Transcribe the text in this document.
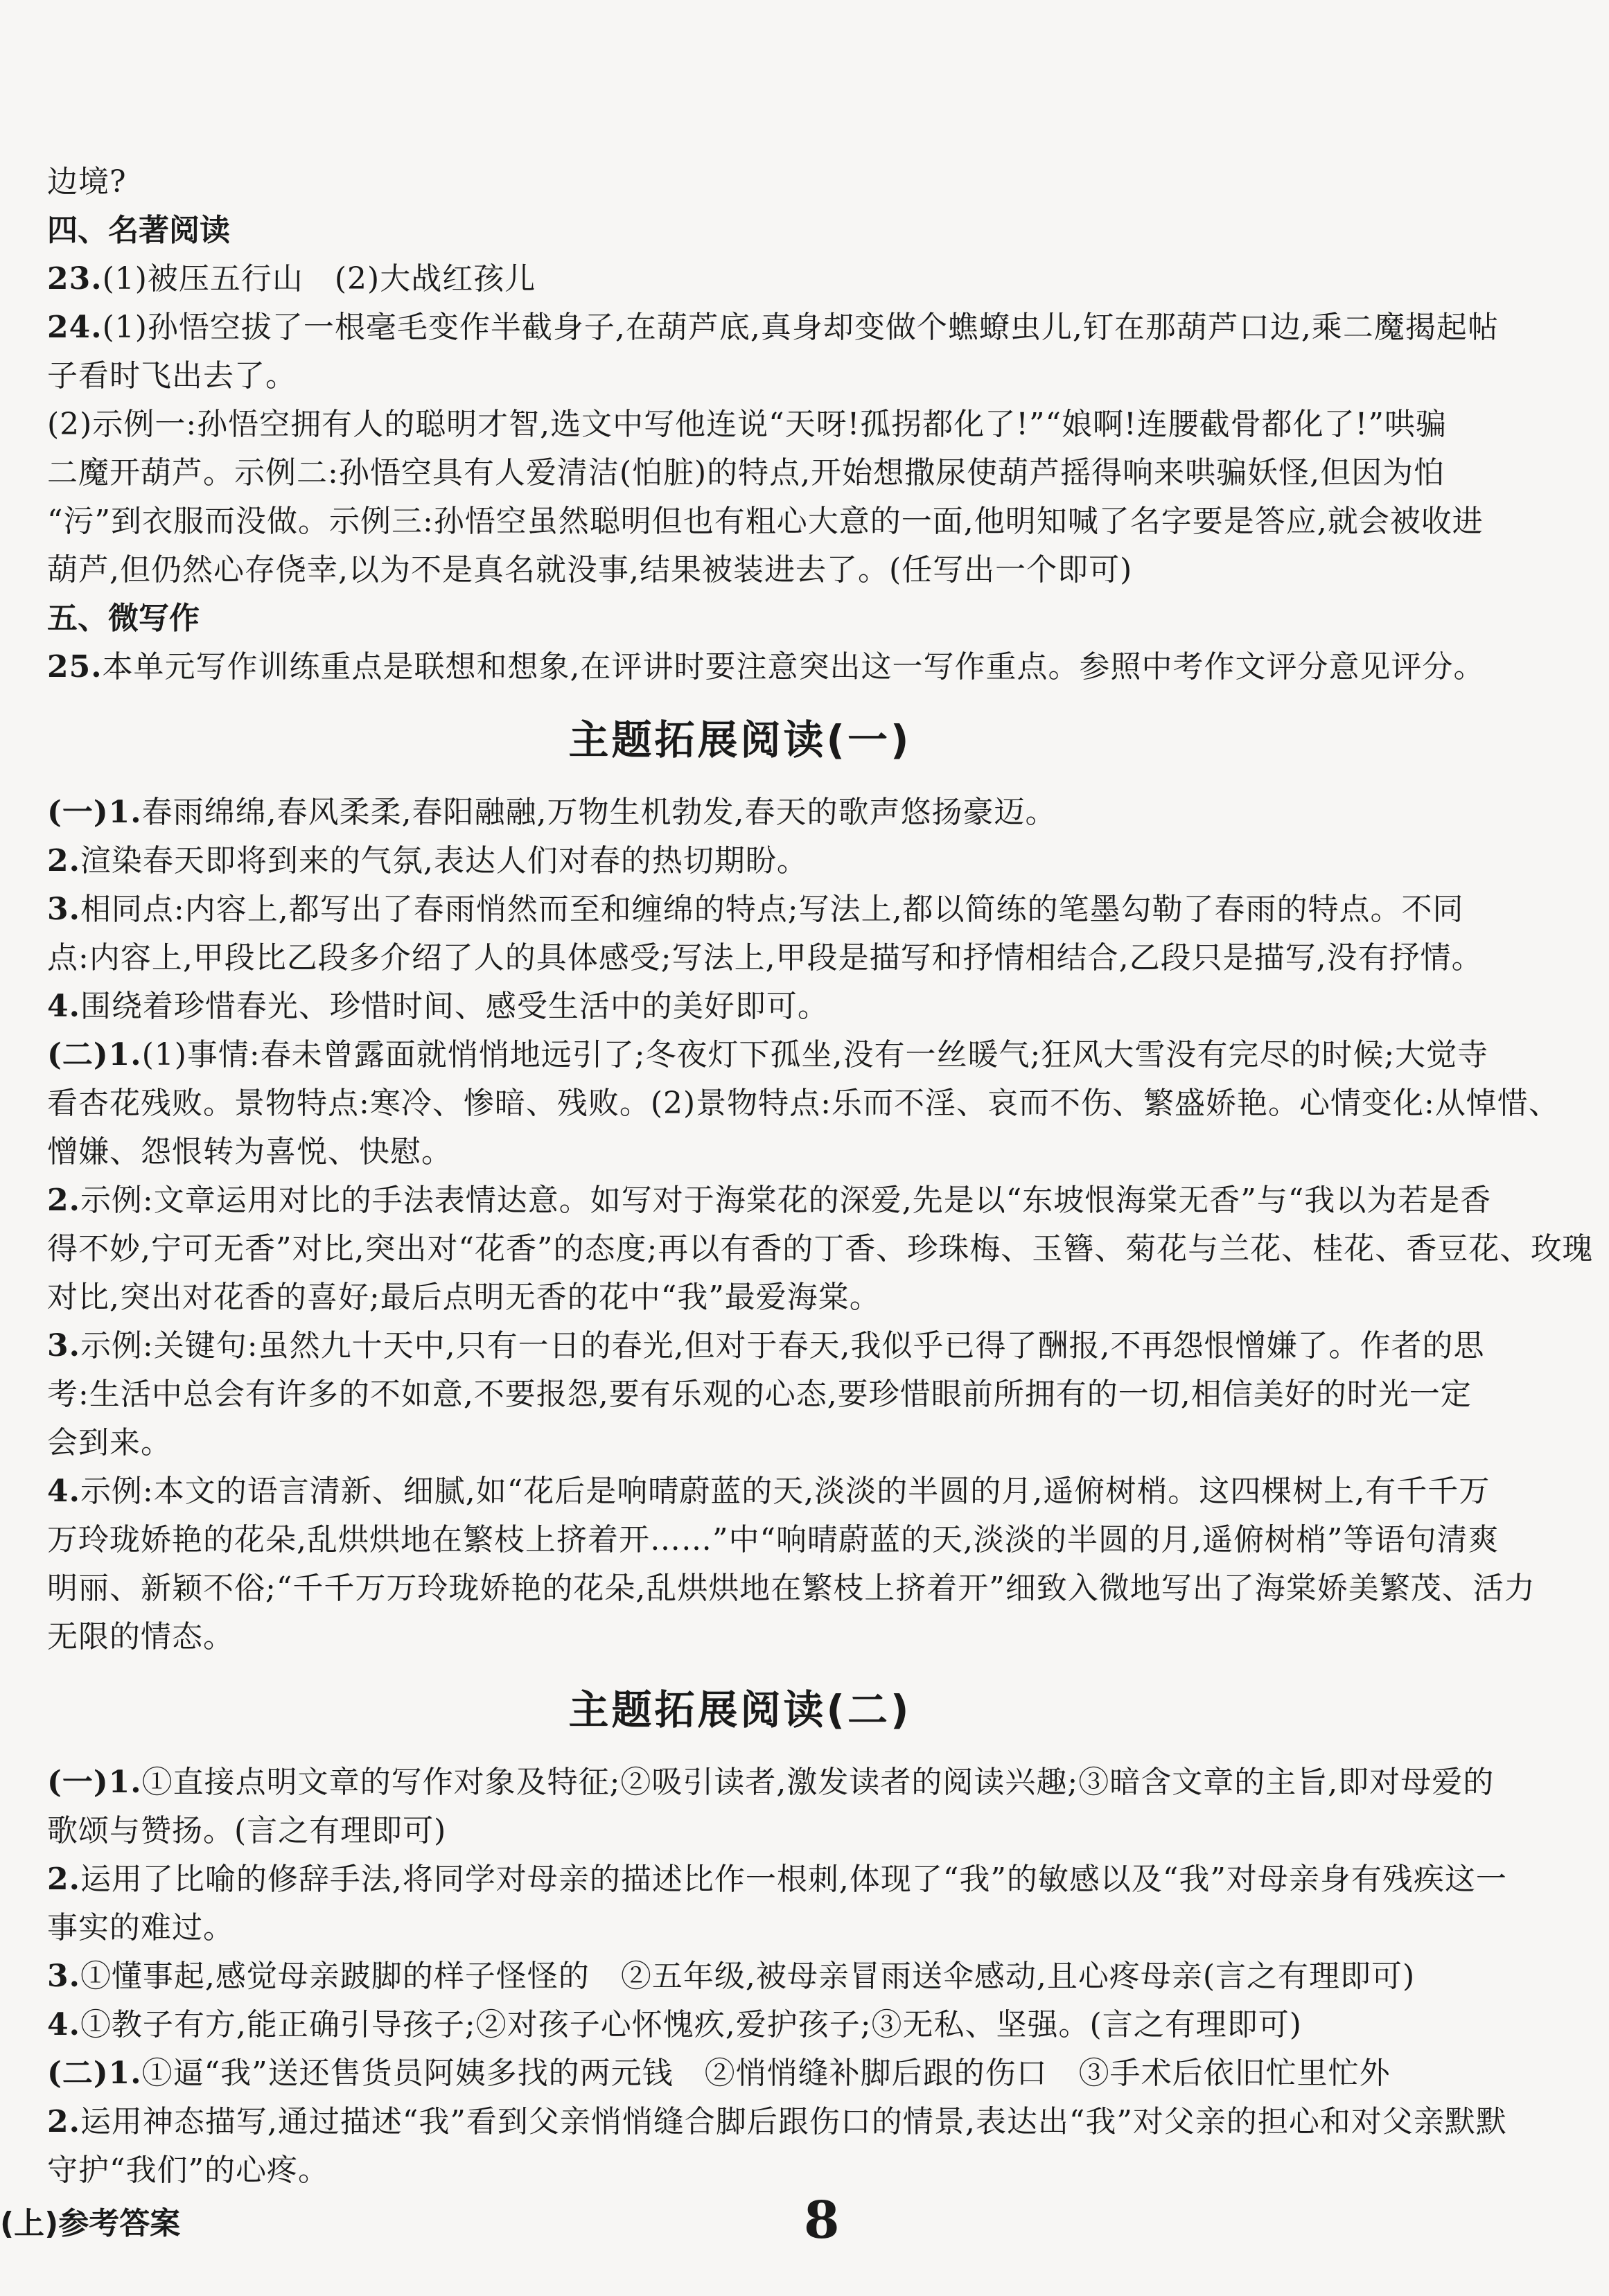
边境?
四、名著阅读
23.(1)被压五行山　(2)大战红孩儿
24.(1)孙悟空拔了一根毫毛变作半截身子,在葫芦底,真身却变做个蟭蟟虫儿,钉在那葫芦口边,乘二魔揭起帖
子看时飞出去了。
(2)示例一:孙悟空拥有人的聪明才智,选文中写他连说“天呀!孤拐都化了!”“娘啊!连腰截骨都化了!”哄骗
二魔开葫芦。示例二:孙悟空具有人爱清洁(怕脏)的特点,开始想撒尿使葫芦摇得响来哄骗妖怪,但因为怕
“污”到衣服而没做。示例三:孙悟空虽然聪明但也有粗心大意的一面,他明知喊了名字要是答应,就会被收进
葫芦,但仍然心存侥幸,以为不是真名就没事,结果被装进去了。(任写出一个即可)
五、微写作
25.本单元写作训练重点是联想和想象,在评讲时要注意突出这一写作重点。参照中考作文评分意见评分。
主题拓展阅读(一)
(一)1.春雨绵绵,春风柔柔,春阳融融,万物生机勃发,春天的歌声悠扬豪迈。
2.渲染春天即将到来的气氛,表达人们对春的热切期盼。
3.相同点:内容上,都写出了春雨悄然而至和缠绵的特点;写法上,都以简练的笔墨勾勒了春雨的特点。不同
点:内容上,甲段比乙段多介绍了人的具体感受;写法上,甲段是描写和抒情相结合,乙段只是描写,没有抒情。
4.围绕着珍惜春光、珍惜时间、感受生活中的美好即可。
(二)1.(1)事情:春未曾露面就悄悄地远引了;冬夜灯下孤坐,没有一丝暖气;狂风大雪没有完尽的时候;大觉寺
看杏花残败。景物特点:寒冷、惨暗、残败。(2)景物特点:乐而不淫、哀而不伤、繁盛娇艳。心情变化:从悼惜、
憎嫌、怨恨转为喜悦、快慰。
2.示例:文章运用对比的手法表情达意。如写对于海棠花的深爱,先是以“东坡恨海棠无香”与“我以为若是香
得不妙,宁可无香”对比,突出对“花香”的态度;再以有香的丁香、珍珠梅、玉簪、菊花与兰花、桂花、香豆花、玫瑰
对比,突出对花香的喜好;最后点明无香的花中“我”最爱海棠。
3.示例:关键句:虽然九十天中,只有一日的春光,但对于春天,我似乎已得了酬报,不再怨恨憎嫌了。作者的思
考:生活中总会有许多的不如意,不要报怨,要有乐观的心态,要珍惜眼前所拥有的一切,相信美好的时光一定
会到来。
4.示例:本文的语言清新、细腻,如“花后是响晴蔚蓝的天,淡淡的半圆的月,遥俯树梢。这四棵树上,有千千万
万玲珑娇艳的花朵,乱烘烘地在繁枝上挤着开……”中“响晴蔚蓝的天,淡淡的半圆的月,遥俯树梢”等语句清爽
明丽、新颖不俗;“千千万万玲珑娇艳的花朵,乱烘烘地在繁枝上挤着开”细致入微地写出了海棠娇美繁茂、活力
无限的情态。
主题拓展阅读(二)
(一)1.①直接点明文章的写作对象及特征;②吸引读者,激发读者的阅读兴趣;③暗含文章的主旨,即对母爱的
歌颂与赞扬。(言之有理即可)
2.运用了比喻的修辞手法,将同学对母亲的描述比作一根刺,体现了“我”的敏感以及“我”对母亲身有残疾这一
事实的难过。
3.①懂事起,感觉母亲跛脚的样子怪怪的　②五年级,被母亲冒雨送伞感动,且心疼母亲(言之有理即可)
4.①教子有方,能正确引导孩子;②对孩子心怀愧疚,爱护孩子;③无私、坚强。(言之有理即可)
(二)1.①逼“我”送还售货员阿姨多找的两元钱　②悄悄缝补脚后跟的伤口　③手术后依旧忙里忙外
2.运用神态描写,通过描述“我”看到父亲悄悄缝合脚后跟伤口的情景,表达出“我”对父亲的担心和对父亲默默
守护“我们”的心疼。
(上)参考答案	8
